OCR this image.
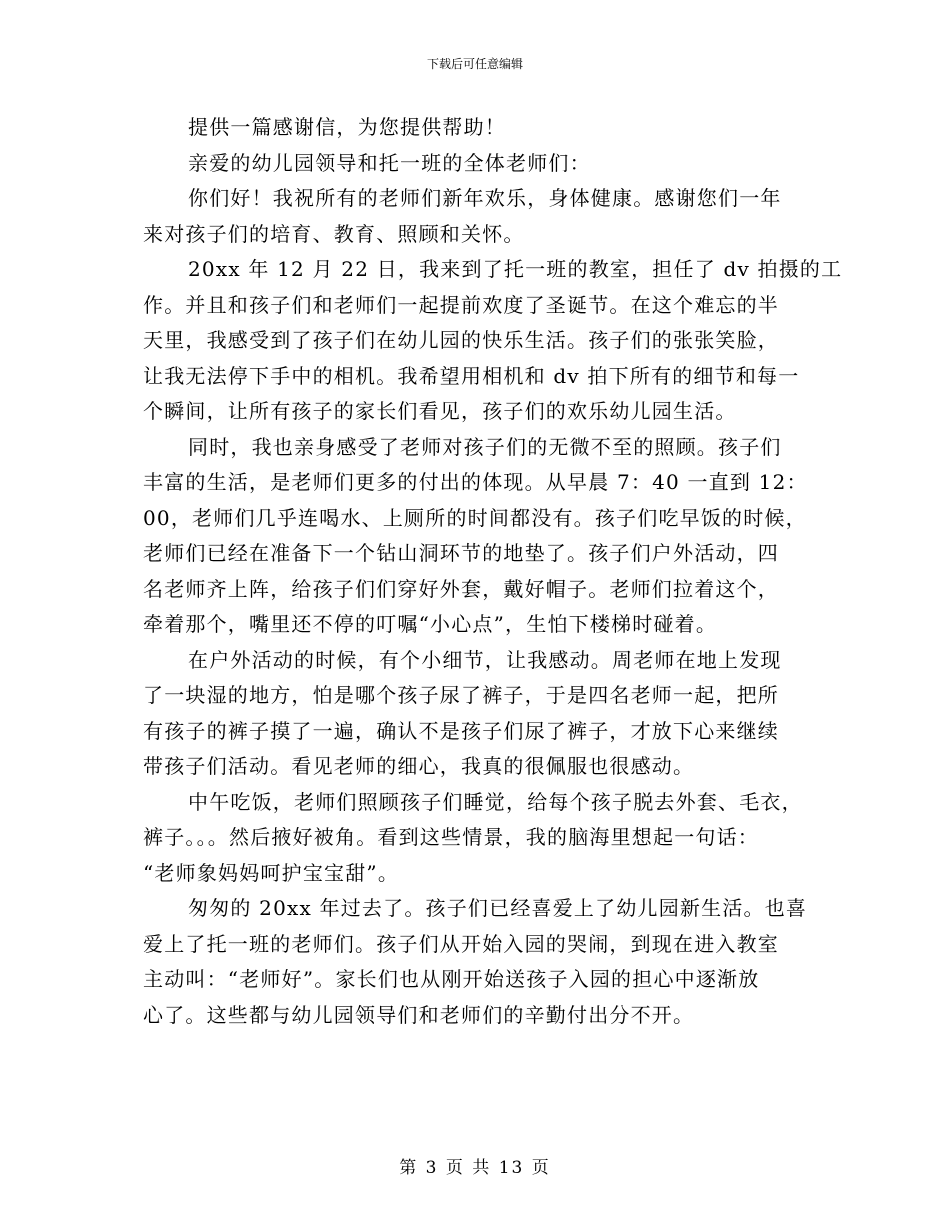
下载后可任意编辑
提供一篇感谢信，为您提供帮助！
亲爱的幼儿园领导和托一班的全体老师们：
你们好！我祝所有的老师们新年欢乐，身体健康。感谢您们一年
来对孩子们的培育、教育、照顾和关怀。
20xx 年 12 月 22 日，我来到了托一班的教室，担任了 dv 拍摄的工
作。并且和孩子们和老师们一起提前欢度了圣诞节。在这个难忘的半
天里，我感受到了孩子们在幼儿园的快乐生活。孩子们的张张笑脸，
让我无法停下手中的相机。我希望用相机和 dv 拍下所有的细节和每一
个瞬间，让所有孩子的家长们看见，孩子们的欢乐幼儿园生活。
同时，我也亲身感受了老师对孩子们的无微不至的照顾。孩子们
丰富的生活，是老师们更多的付出的体现。从早晨 7：40 一直到 12：
00，老师们几乎连喝水、上厕所的时间都没有。孩子们吃早饭的时候，
老师们已经在准备下一个钻山洞环节的地垫了。孩子们户外活动，四
名老师齐上阵，给孩子们们穿好外套，戴好帽子。老师们拉着这个，
牵着那个，嘴里还不停的叮嘱“小心点”，生怕下楼梯时碰着。
在户外活动的时候，有个小细节，让我感动。周老师在地上发现
了一块湿的地方，怕是哪个孩子尿了裤子，于是四名老师一起，把所
有孩子的裤子摸了一遍，确认不是孩子们尿了裤子，才放下心来继续
带孩子们活动。看见老师的细心，我真的很佩服也很感动。
中午吃饭，老师们照顾孩子们睡觉，给每个孩子脱去外套、毛衣，
裤子。。。然后掖好被角。看到这些情景，我的脑海里想起一句话：
“老师象妈妈呵护宝宝甜”。
匆匆的 20xx 年过去了。孩子们已经喜爱上了幼儿园新生活。也喜
爱上了托一班的老师们。孩子们从开始入园的哭闹，到现在进入教室
主动叫：“老师好”。家长们也从刚开始送孩子入园的担心中逐渐放
心了。这些都与幼儿园领导们和老师们的辛勤付出分不开。
第 3 页 共 13 页
